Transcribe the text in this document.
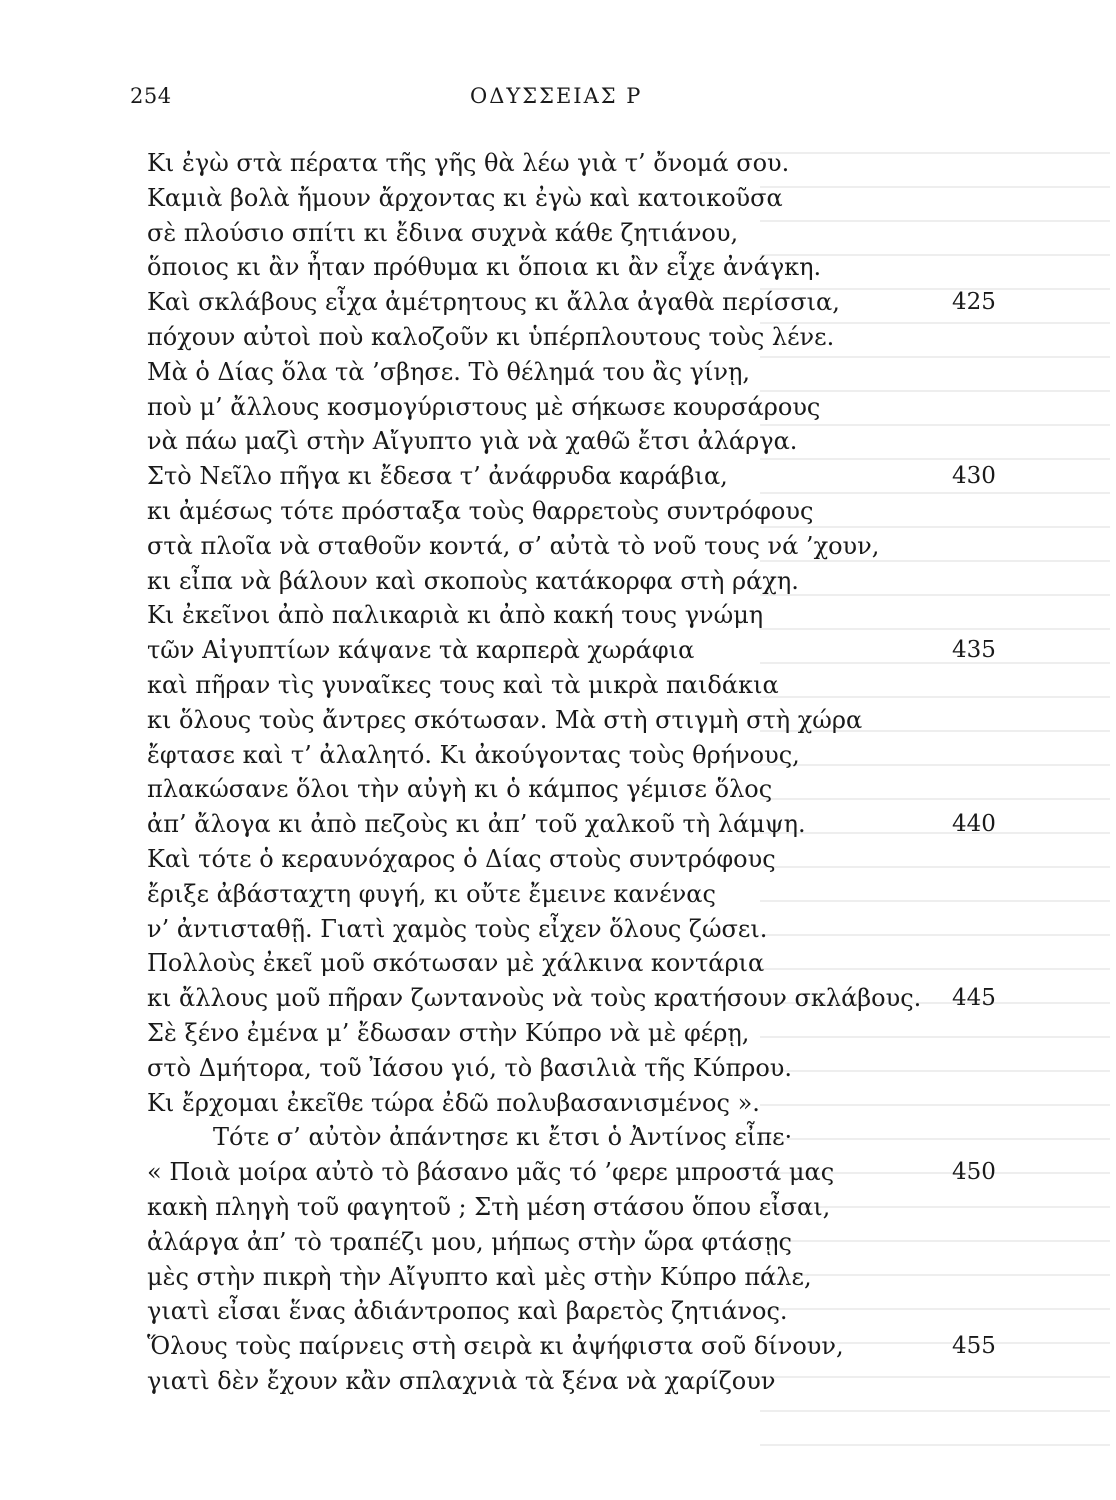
254	ΟΔΥΣΣΕΙΑΣ Ρ
Κι ἐγὼ στὰ πέρατα τῆς γῆς θὰ λέω γιὰ τ’ ὄνομά σου.
Καμιὰ βολὰ ἤμουν ἄρχοντας κι ἐγὼ καὶ κατοικοῦσα
σὲ πλούσιο σπίτι κι ἔδινα συχνὰ κάθε ζητιάνου,
ὅποιος κι ἂν ἦταν πρόθυμα κι ὅποια κι ἂν εἶχε ἀνάγκη.
Καὶ σκλάβους εἶχα ἀμέτρητους κι ἄλλα ἀγαθὰ περίσσια,	425
πόχουν αὐτοὶ ποὺ καλοζοῦν κι ὑπέρπλουτους τοὺς λένε.
Μὰ ὁ Δίας ὅλα τὰ ’σβησε. Τὸ θέλημά του ἂς γίνῃ,
ποὺ μ’ ἄλλους κοσμογύριστους μὲ σήκωσε κουρσάρους
νὰ πάω μαζὶ στὴν Αἴγυπτο γιὰ νὰ χαθῶ ἔτσι ἀλάργα.
Στὸ Νεῖλο πῆγα κι ἔδεσα τ’ ἀνάφρυδα καράβια,	430
κι ἀμέσως τότε πρόσταξα τοὺς θαρρετοὺς συντρόφους
στὰ πλοῖα νὰ σταθοῦν κοντά, σ’ αὐτὰ τὸ νοῦ τους νά ’χουν,
κι εἶπα νὰ βάλουν καὶ σκοποὺς κατάκορφα στὴ ράχη.
Κι ἐκεῖνοι ἀπὸ παλικαριὰ κι ἀπὸ κακή τους γνώμη
τῶν Αἰγυπτίων κάψανε τὰ καρπερὰ χωράφια	435
καὶ πῆραν τὶς γυναῖκες τους καὶ τὰ μικρὰ παιδάκια
κι ὅλους τοὺς ἄντρες σκότωσαν. Μὰ στὴ στιγμὴ στὴ χώρα
ἔφτασε καὶ τ’ ἀλαλητό. Κι ἀκούγοντας τοὺς θρήνους,
πλακώσανε ὅλοι τὴν αὐγὴ κι ὁ κάμπος γέμισε ὅλος
ἀπ’ ἄλογα κι ἀπὸ πεζοὺς κι ἀπ’ τοῦ χαλκοῦ τὴ λάμψη.	440
Καὶ τότε ὁ κεραυνόχαρος ὁ Δίας στοὺς συντρόφους
ἔριξε ἀβάσταχτη φυγή, κι οὔτε ἔμεινε κανένας
ν’ ἀντισταθῇ. Γιατὶ χαμὸς τοὺς εἶχεν ὅλους ζώσει.
Πολλοὺς ἐκεῖ μοῦ σκότωσαν μὲ χάλκινα κοντάρια
κι ἄλλους μοῦ πῆραν ζωντανοὺς νὰ τοὺς κρατήσουν σκλάβους. 445
Σὲ ξένο ἐμένα μ’ ἔδωσαν στὴν Κύπρο νὰ μὲ φέρῃ,
στὸ Δμήτορα, τοῦ Ἰάσου γιό, τὸ βασιλιὰ τῆς Κύπρου.
Κι ἔρχομαι ἐκεῖθε τώρα ἐδῶ πολυβασανισμένος ».
Τότε σ’ αὐτὸν ἀπάντησε κι ἔτσι ὁ Ἀντίνος εἶπε·
« Ποιὰ μοίρα αὐτὸ τὸ βάσανο μᾶς τό ’φερε μπροστά μας	450
κακὴ πληγὴ τοῦ φαγητοῦ ; Στὴ μέση στάσου ὅπου εἶσαι,
ἀλάργα ἀπ’ τὸ τραπέζι μου, μήπως στὴν ὥρα φτάσῃς
μὲς στὴν πικρὴ τὴν Αἴγυπτο καὶ μὲς στὴν Κύπρο πάλε,
γιατὶ εἶσαι ἕνας ἀδιάντροπος καὶ βαρετὸς ζητιάνος.
Ὅλους τοὺς παίρνεις στὴ σειρὰ κι ἀψήφιστα σοῦ δίνουν,	455
γιατὶ δὲν ἔχουν κἂν σπλαχνιὰ τὰ ξένα νὰ χαρίζουν
